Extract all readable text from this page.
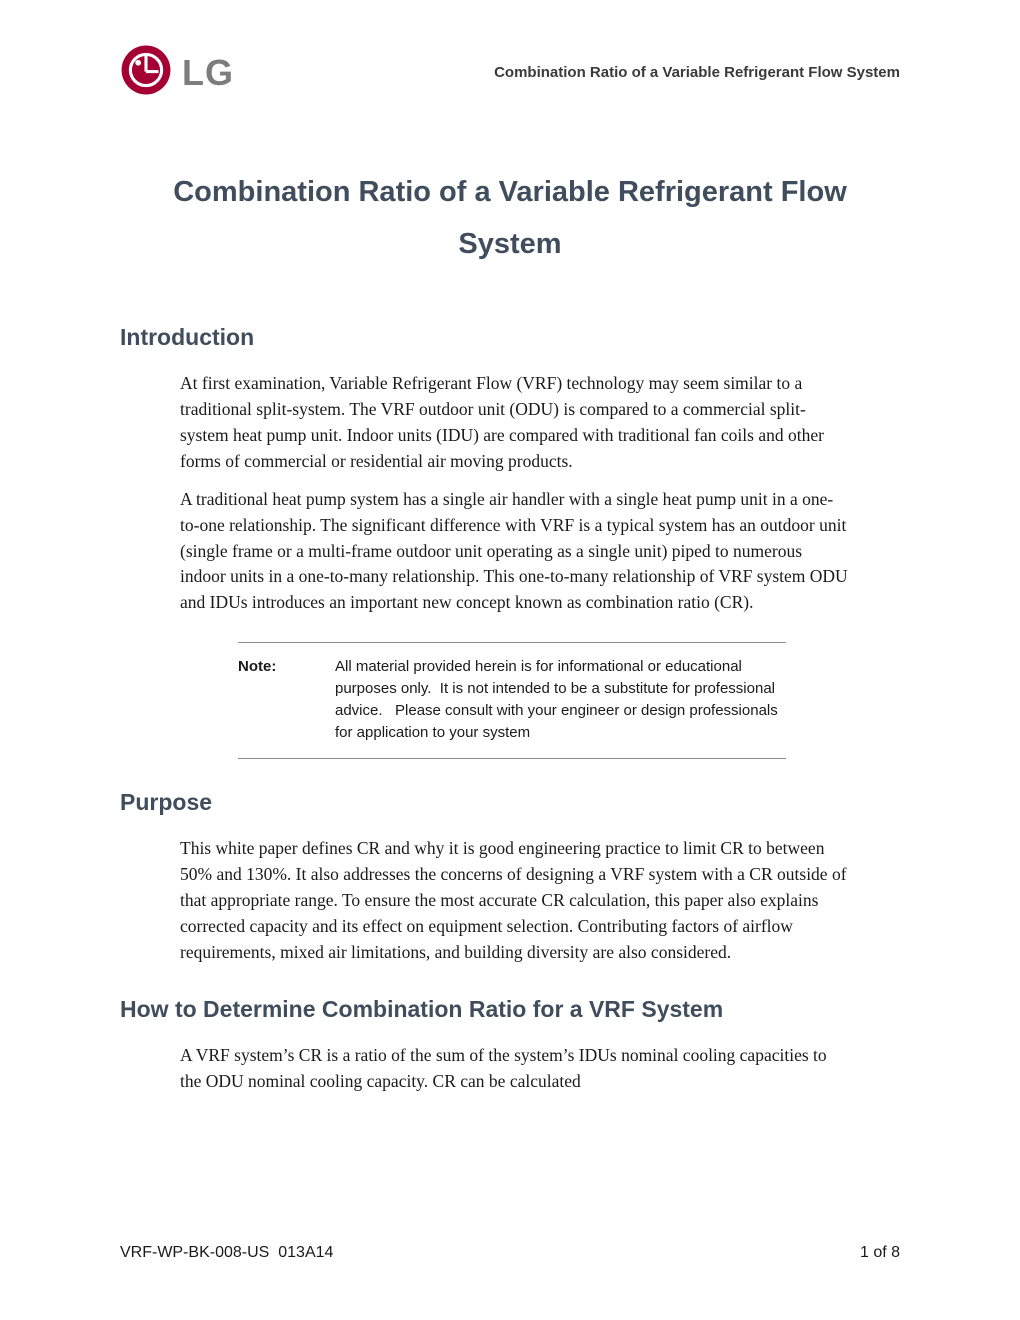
LG	Combination Ratio of a Variable Refrigerant Flow System
Combination Ratio of a Variable Refrigerant Flow System
Introduction

At first examination, Variable Refrigerant Flow (VRF) technology may seem similar to a traditional split-system. The VRF outdoor unit (ODU) is compared to a commercial split-system heat pump unit. Indoor units (IDU) are compared with traditional fan coils and other forms of commercial or residential air moving products.

A traditional heat pump system has a single air handler with a single heat pump unit in a one-to-one relationship. The significant difference with VRF is a typical system has an outdoor unit (single frame or a multi-frame outdoor unit operating as a single unit) piped to numerous indoor units in a one-to-many relationship. This one-to-many relationship of VRF system ODU and IDUs introduces an important new concept known as combination ratio (CR).

Note:	All material provided herein is for informational or educational purposes only.  It is not intended to be a substitute for professional advice.   Please consult with your engineer or design professionals for application to your system
Purpose

This white paper defines CR and why it is good engineering practice to limit CR to between 50% and 130%. It also addresses the concerns of designing a VRF system with a CR outside of that appropriate range. To ensure the most accurate CR calculation, this paper also explains corrected capacity and its effect on equipment selection. Contributing factors of airflow requirements, mixed air limitations, and building diversity are also considered.

How to Determine Combination Ratio for a VRF System

A VRF system’s CR is a ratio of the sum of the system’s IDUs nominal cooling capacities to the ODU nominal cooling capacity. CR can be calculated

VRF-WP-BK-008-US  013A14	1 of 8
